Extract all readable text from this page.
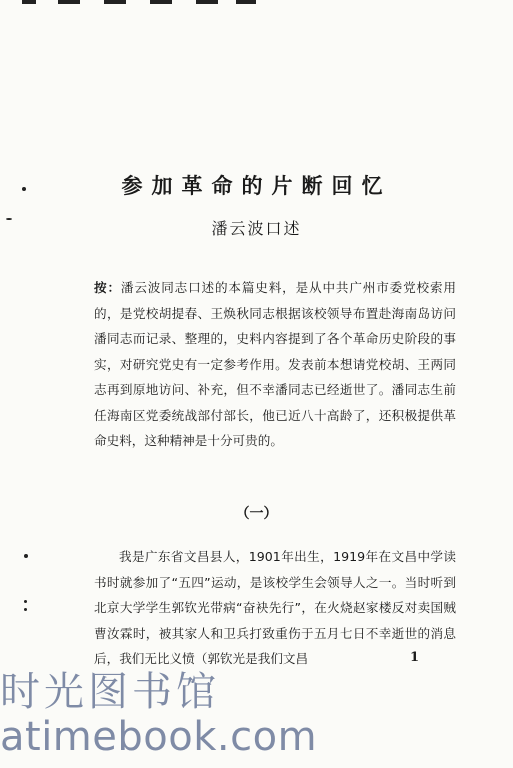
参加革命的片断回忆
潘云波口述
按：潘云波同志口述的本篇史料，是从中共广州市委党校索用的，是党校胡提春、王焕秋同志根据该校领导布置赴海南岛访问潘同志而记录、整理的，史料内容提到了各个革命历史阶段的事实，对研究党史有一定参考作用。发表前本想请党校胡、王两同志再到原地访问、补充，但不幸潘同志已经逝世了。潘同志生前任海南区党委统战部付部长，他已近八十高龄了，还积极提供革命史料，这种精神是十分可贵的。
（一）

我是广东省文昌县人，1901年出生，1919年在文昌中学读书时就参加了“五四”运动，是该校学生会领导人之一。当时听到北京大学学生郭钦光带病“奋袂先行”，在火烧赵家楼反对卖国贼曹汝霖时，被其家人和卫兵打致重伤于五月七日不幸逝世的消息后，我们无比义愤（郭钦光是我们文昌	1
时光图书馆
atimebook.com
